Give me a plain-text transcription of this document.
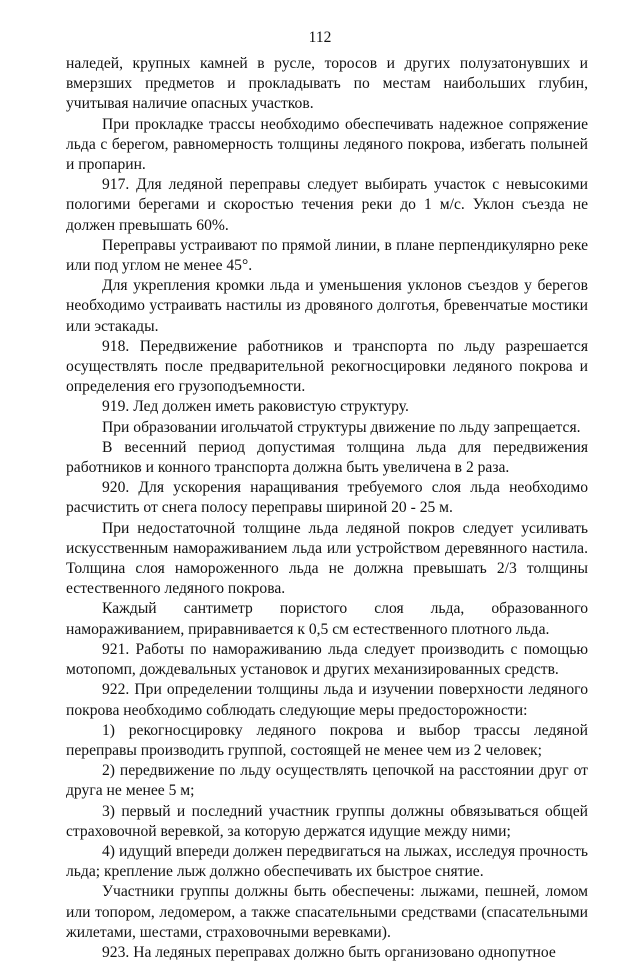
112

наледей, крупных камней в русле, торосов и других полузатонувших и вмерзших предметов и прокладывать по местам наибольших глубин, учитывая наличие опасных участков.

При прокладке трассы необходимо обеспечивать надежное сопряжение льда с берегом, равномерность толщины ледяного покрова, избегать полыней и пропарин.

917. Для ледяной переправы следует выбирать участок с невысокими пологими берегами и скоростью течения реки до 1 м/с. Уклон съезда не должен превышать 60%.

Переправы устраивают по прямой линии, в плане перпендикулярно реке или под углом не менее 45°.

Для укрепления кромки льда и уменьшения уклонов съездов у берегов необходимо устраивать настилы из дровяного долготья, бревенчатые мостики или эстакады.

918. Передвижение работников и транспорта по льду разрешается осуществлять после предварительной рекогносцировки ледяного покрова и определения его грузоподъемности.

919. Лед должен иметь раковистую структуру.

При образовании игольчатой структуры движение по льду запрещается.

В весенний период допустимая толщина льда для передвижения работников и конного транспорта должна быть увеличена в 2 раза.

920. Для ускорения наращивания требуемого слоя льда необходимо расчистить от снега полосу переправы шириной 20 - 25 м.

При недостаточной толщине льда ледяной покров следует усиливать искусственным намораживанием льда или устройством деревянного настила. Толщина слоя намороженного льда не должна превышать 2/3 толщины естественного ледяного покрова.

Каждый сантиметр пористого слоя льда, образованного намораживанием, приравнивается к 0,5 см естественного плотного льда.

921. Работы по намораживанию льда следует производить с помощью мотопомп, дождевальных установок и других механизированных средств.

922. При определении толщины льда и изучении поверхности ледяного покрова необходимо соблюдать следующие меры предосторожности:

1) рекогносцировку ледяного покрова и выбор трассы ледяной переправы производить группой, состоящей не менее чем из 2 человек;

2) передвижение по льду осуществлять цепочкой на расстоянии друг от друга не менее 5 м;

3) первый и последний участник группы должны обвязываться общей страховочной веревкой, за которую держатся идущие между ними;

4) идущий впереди должен передвигаться на лыжах, исследуя прочность льда; крепление лыж должно обеспечивать их быстрое снятие.

Участники группы должны быть обеспечены: лыжами, пешней, ломом или топором, ледомером, а также спасательными средствами (спасательными жилетами, шестами, страховочными веревками).

923. На ледяных переправах должно быть организовано однопутное
